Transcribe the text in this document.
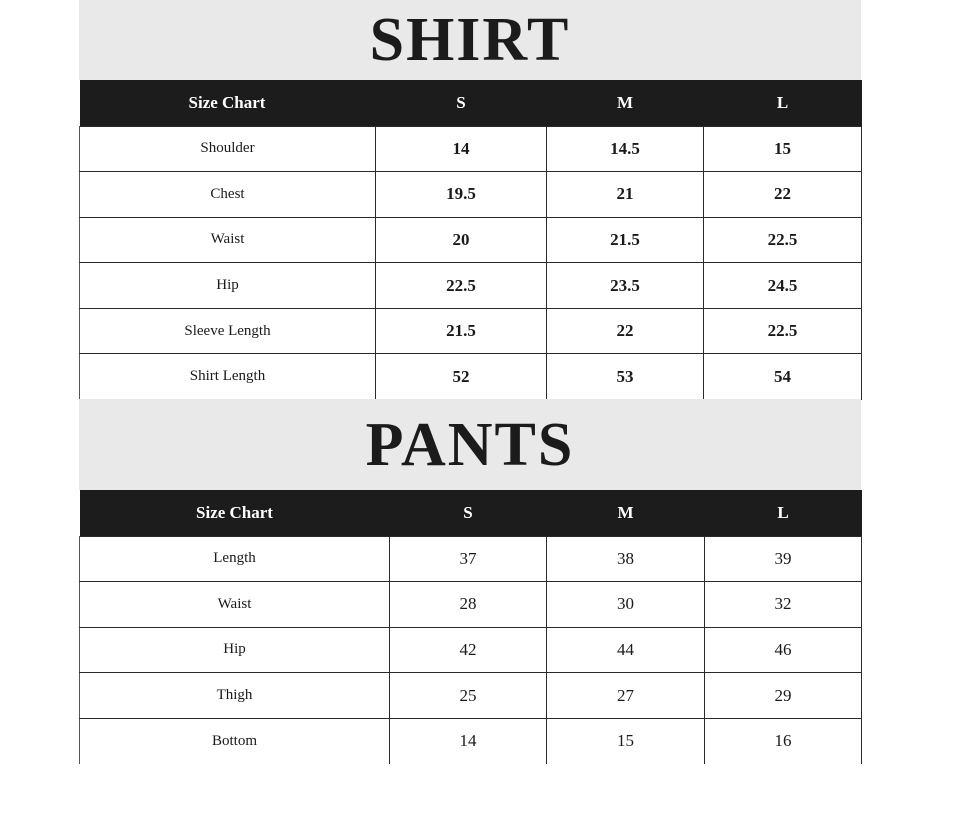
SHIRT
Size Chart	S	M	L
Shoulder	14	14.5	15
Chest	19.5	21	22
Waist	20	21.5	22.5
Hip	22.5	23.5	24.5
Sleeve Length	21.5	22	22.5
Shirt Length	52	53	54
PANTS
Size Chart	S	M	L
Length	37	38	39
Waist	28	30	32
Hip	42	44	46
Thigh	25	27	29
Bottom	14	15	16
